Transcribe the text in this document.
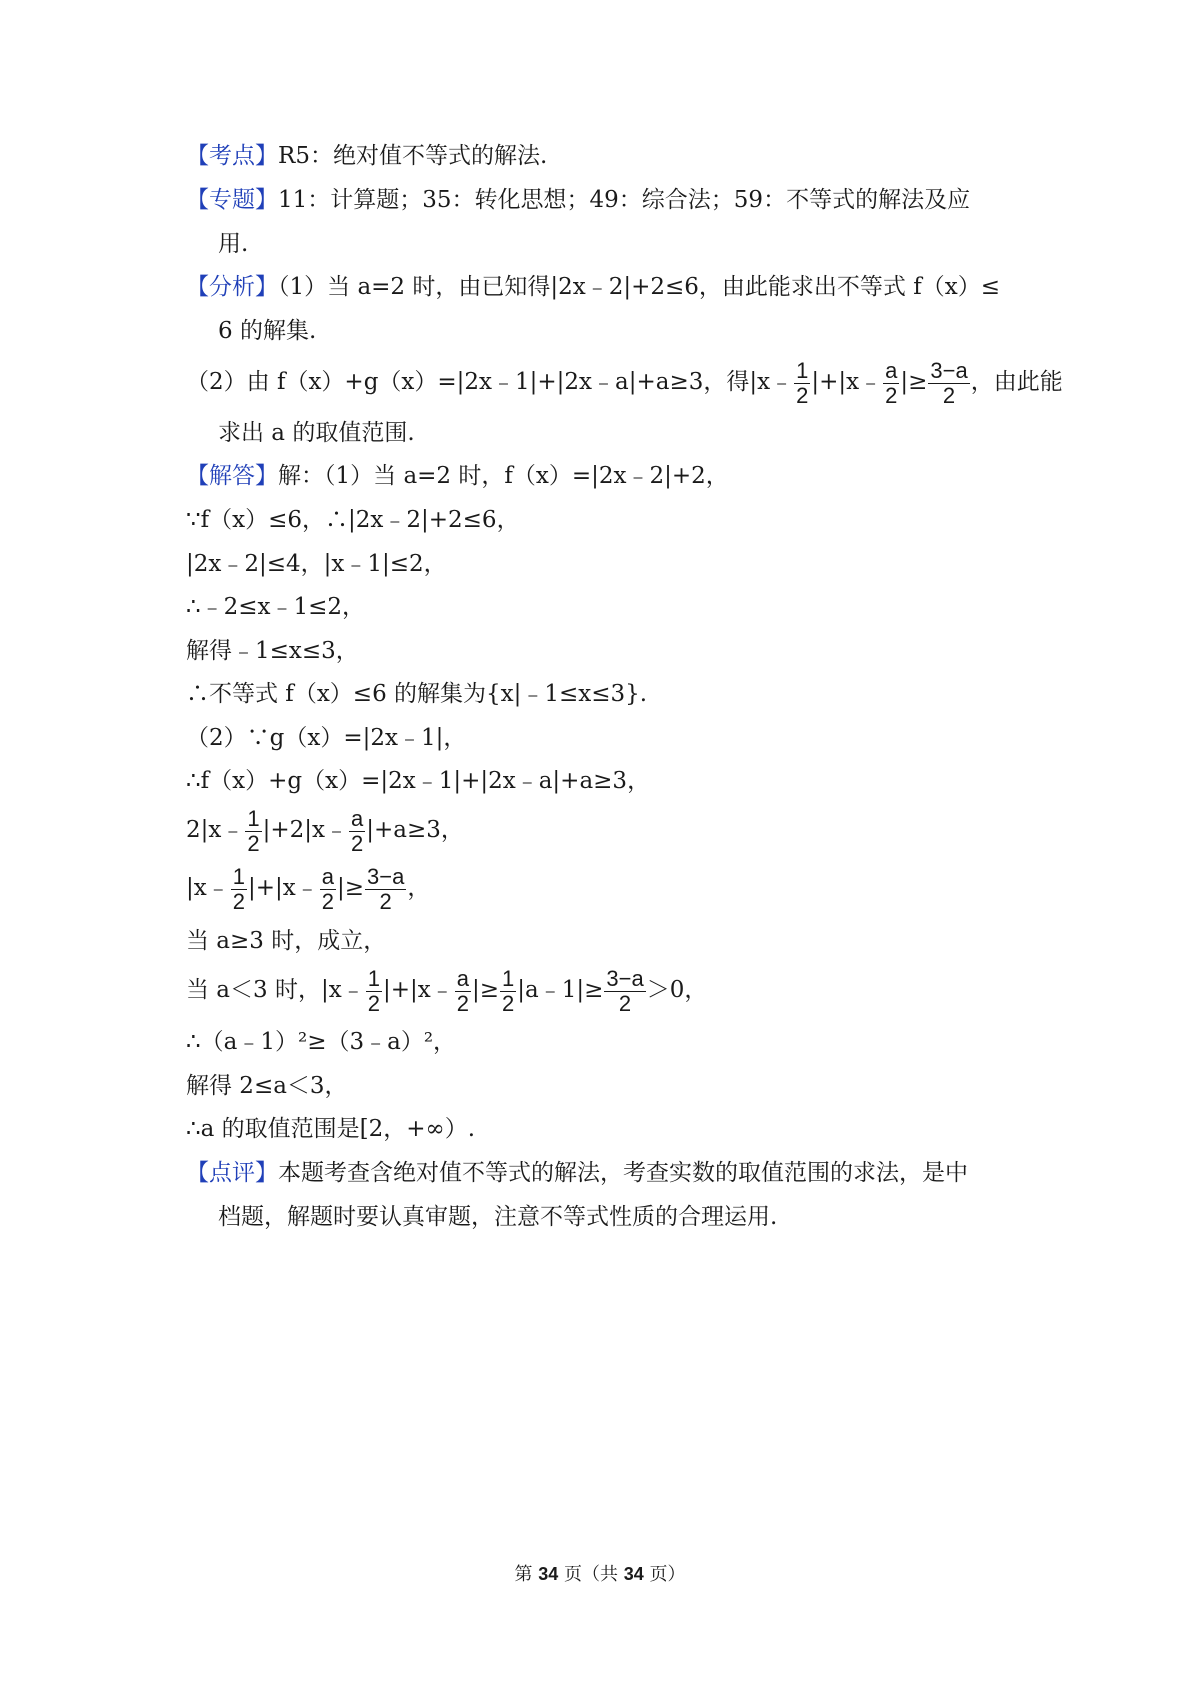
【考点】R5：绝对值不等式的解法.
【专题】11：计算题；35：转化思想；49：综合法；59：不等式的解法及应
用.
【分析】（1）当 a=2 时，由已知得|2x﹣2|+2≤6，由此能求出不等式 f（x）≤
6 的解集.
（2）由 f（x）+g（x）=|2x﹣1|+|2x﹣a|+a≥3，得|x﹣ $\frac{1}{2}$ |+|x﹣ $\frac{a}{2}$ |≥ $\frac{3-a}{2}$ ，由此能
求出 a 的取值范围.
【解答】解：（1）当 a=2 时，f（x）=|2x﹣2|+2，
∵f（x）≤6，∴|2x﹣2|+2≤6，
|2x﹣2|≤4，|x﹣1|≤2，
∴﹣2≤x﹣1≤2，
解得﹣1≤x≤3，
∴不等式 f（x）≤6 的解集为{x|﹣1≤x≤3}.
（2）∵g（x）=|2x﹣1|，
∴f（x）+g（x）=|2x﹣1|+|2x﹣a|+a≥3，
2|x﹣ $\frac{1}{2}$ |+2|x﹣ $\frac{a}{2} |+a\ge 3$，
|x﹣ $\frac{1}{2}$ |+|x﹣ $\frac{a}{2}$ |≥ $\frac{3-a}{2}$ ，
当 a≥3 时，成立，
当 a＜3 时，|x﹣ $\frac{1}{2}$ |+|x﹣ $\frac{a}{2}$ |≥ $\frac{1}{2}$ |a﹣1|≥ $\frac{3-a}{2} >0$，
∴（a﹣1）²≥（3﹣a）²，
解得 2≤a＜3，
∴a 的取值范围是[2，+∞）.
【点评】本题考查含绝对值不等式的解法，考查实数的取值范围的求法，是中
档题，解题时要认真审题，注意不等式性质的合理运用.
第 34 页（共 34 页）
